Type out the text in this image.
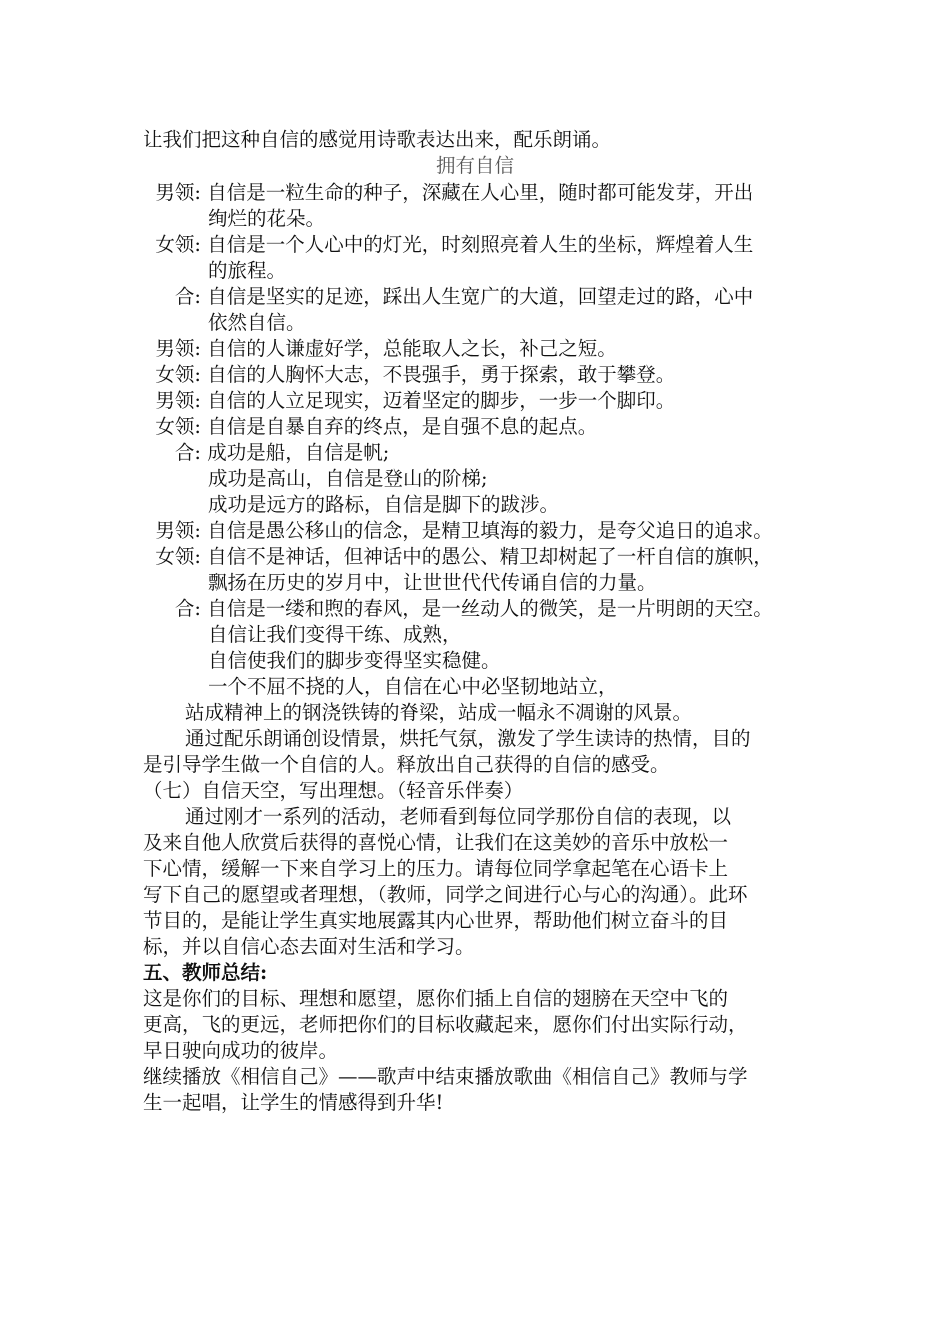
让我们把这种自信的感觉用诗歌表达出来，配乐朗诵。
拥有自信
男领: 自信是一粒生命的种子，深藏在人心里，随时都可能发芽，开出
绚烂的花朵。
女领: 自信是一个人心中的灯光，时刻照亮着人生的坐标，辉煌着人生
的旅程。
合: 自信是坚实的足迹，踩出人生宽广的大道，回望走过的路，心中
依然自信。
男领: 自信的人谦虚好学，总能取人之长，补己之短。
女领: 自信的人胸怀大志，不畏强手，勇于探索，敢于攀登。
男领: 自信的人立足现实，迈着坚定的脚步，一步一个脚印。
女领: 自信是自暴自弃的终点，是自强不息的起点。
合: 成功是船，自信是帆;
成功是高山，自信是登山的阶梯;
成功是远方的路标，自信是脚下的跋涉。
男领: 自信是愚公移山的信念，是精卫填海的毅力，是夸父追日的追求。
女领: 自信不是神话，但神话中的愚公、精卫却树起了一杆自信的旗帜，
飘扬在历史的岁月中，让世世代代传诵自信的力量。
合: 自信是一缕和煦的春风，是一丝动人的微笑，是一片明朗的天空。
自信让我们变得干练、成熟，
自信使我们的脚步变得坚实稳健。
一个不屈不挠的人，自信在心中必坚韧地站立，
站成精神上的钢浇铁铸的脊梁，站成一幅永不凋谢的风景。
通过配乐朗诵创设情景，烘托气氛，激发了学生读诗的热情，目的
是引导学生做一个自信的人。释放出自己获得的自信的感受。
（七）自信天空，写出理想。（轻音乐伴奏）
通过刚才一系列的活动，老师看到每位同学那份自信的表现，以
及来自他人欣赏后获得的喜悦心情，让我们在这美妙的音乐中放松一
下心情，缓解一下来自学习上的压力。请每位同学拿起笔在心语卡上
写下自己的愿望或者理想，（教师，同学之间进行心与心的沟通）。此环
节目的，是能让学生真实地展露其内心世界，帮助他们树立奋斗的目
标，并以自信心态去面对生活和学习。
五、教师总结:
这是你们的目标、理想和愿望，愿你们插上自信的翅膀在天空中飞的
更高，飞的更远，老师把你们的目标收藏起来，愿你们付出实际行动，
早日驶向成功的彼岸。
继续播放《相信自己》——歌声中结束播放歌曲《相信自己》教师与学
生一起唱，让学生的情感得到升华!
